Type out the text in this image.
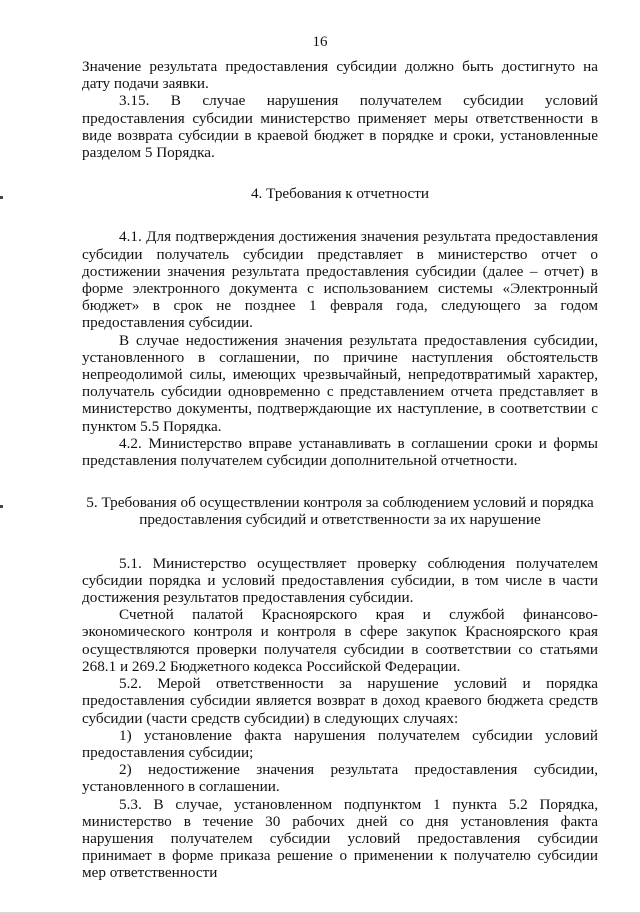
16

Значение результата предоставления субсидии должно быть достигнуто на дату подачи заявки.

3.15. В случае нарушения получателем субсидии условий предоставления субсидии министерство применяет меры ответственности в виде возврата субсидии в краевой бюджет в порядке и сроки, установленные разделом 5 Порядка.

4. Требования к отчетности

4.1. Для подтверждения достижения значения результата предоставления субсидии получатель субсидии представляет в министерство отчет о достижении значения результата предоставления субсидии (далее – отчет) в форме электронного документа с использованием системы «Электронный бюджет» в срок не позднее 1 февраля года, следующего за годом предоставления субсидии.

В случае недостижения значения результата предоставления субсидии, установленного в соглашении, по причине наступления обстоятельств непреодолимой силы, имеющих чрезвычайный, непредотвратимый характер, получатель субсидии одновременно с представлением отчета представляет в министерство документы, подтверждающие их наступление, в соответствии с пунктом 5.5 Порядка.

4.2. Министерство вправе устанавливать в соглашении сроки и формы представления получателем субсидии дополнительной отчетности.

5. Требования об осуществлении контроля за соблюдением условий и порядка
предоставления субсидий и ответственности за их нарушение

5.1. Министерство осуществляет проверку соблюдения получателем субсидии порядка и условий предоставления субсидии, в том числе в части достижения результатов предоставления субсидии.

Счетной палатой Красноярского края и службой финансово-экономического контроля и контроля в сфере закупок Красноярского края осуществляются проверки получателя субсидии в соответствии со статьями 268.1 и 269.2 Бюджетного кодекса Российской Федерации.

5.2. Мерой ответственности за нарушение условий и порядка предоставления субсидии является возврат в доход краевого бюджета средств субсидии (части средств субсидии) в следующих случаях:

1) установление факта нарушения получателем субсидии условий предоставления субсидии;

2) недостижение значения результата предоставления субсидии, установленного в соглашении.

5.3. В случае, установленном подпунктом 1 пункта 5.2 Порядка, министерство в течение 30 рабочих дней со дня установления факта нарушения получателем субсидии условий предоставления субсидии принимает в форме приказа решение о применении к получателю субсидии мер ответственности
